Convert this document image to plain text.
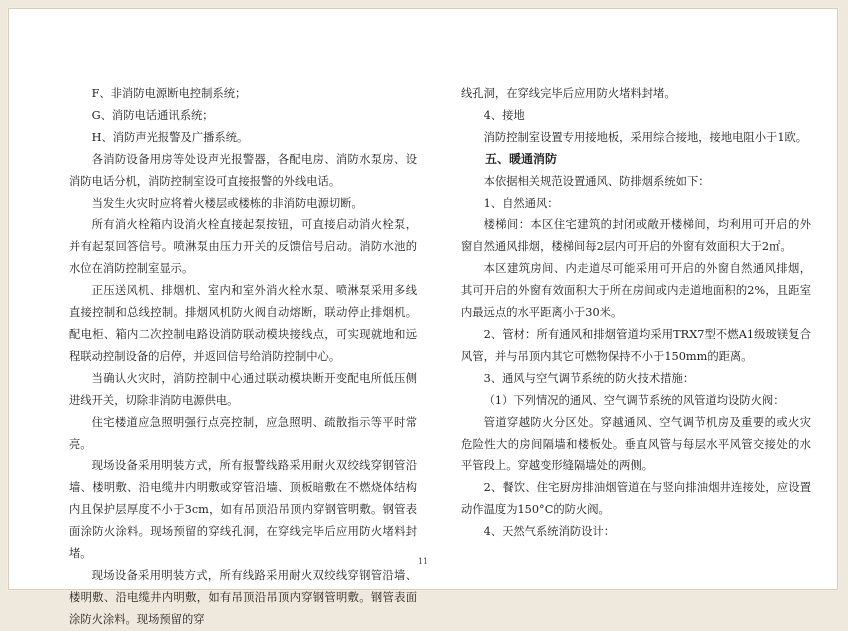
F、非消防电源断电控制系统；

G、消防电话通讯系统；

H、消防声光报警及广播系统。

各消防设备用房等处设声光报警器，各配电房、消防水泵房、设消防电话分机，消防控制室设可直接报警的外线电话。

当发生火灾时应将着火楼层或楼栋的非消防电源切断。

所有消火栓箱内设消火栓直接起泵按钮，可直接启动消火栓泵，并有起泵回答信号。喷淋泵由压力开关的反馈信号启动。消防水池的水位在消防控制室显示。

正压送风机、排烟机、室内和室外消火栓水泵、喷淋泵采用多线直接控制和总线控制。排烟风机防火阀自动熔断，联动停止排烟机。配电柜、箱内二次控制电路设消防联动模块接线点，可实现就地和远程联动控制设备的启停，并返回信号给消防控制中心。

当确认火灾时，消防控制中心通过联动模块断开变配电所低压侧进线开关，切除非消防电源供电。

住宅楼道应急照明强行点亮控制，应急照明、疏散指示等平时常亮。

现场设备采用明装方式，所有报警线路采用耐火双绞线穿钢管沿墙、楼明敷、沿电缆井内明敷或穿管沿墙、顶板暗敷在不燃烧体结构内且保护层厚度不小于3cm，如有吊顶沿吊顶内穿钢管明敷。钢管表面涂防火涂料。现场预留的穿线孔洞，在穿线完毕后应用防火堵料封堵。

现场设备采用明装方式，所有线路采用耐火双绞线穿钢管沿墙、楼明敷、沿电缆井内明敷，如有吊顶沿吊顶内穿钢管明敷。钢管表面涂防火涂料。现场预留的穿

线孔洞，在穿线完毕后应用防火堵料封堵。

4、接地

消防控制室设置专用接地板，采用综合接地，接地电阻小于1欧。

五、暖通消防

本依据相关规范设置通风、防排烟系统如下：

1、自然通风：

楼梯间：本区住宅建筑的封闭或敞开楼梯间，均利用可开启的外窗自然通风排烟，楼梯间每2层内可开启的外窗有效面积大于2㎡。

本区建筑房间、内走道尽可能采用可开启的外窗自然通风排烟，其可开启的外窗有效面积大于所在房间或内走道地面积的2%，且距室内最远点的水平距离小于30米。

2、管材：所有通风和排烟管道均采用TRX7型不燃A1级玻镁复合风管，并与吊顶内其它可燃物保持不小于150mm的距离。

3、通风与空气调节系统的防火技术措施：

（1）下列情况的通风、空气调节系统的风管道均设防火阀：

管道穿越防火分区处。穿越通风、空气调节机房及重要的或火灾危险性大的房间隔墙和楼板处。垂直风管与每层水平风管交接处的水平管段上。穿越变形缝隔墙处的两侧。

2、餐饮、住宅厨房排油烟管道在与竖向排油烟井连接处，应设置动作温度为150°C的防火阀。

4、天然气系统消防设计：

11
